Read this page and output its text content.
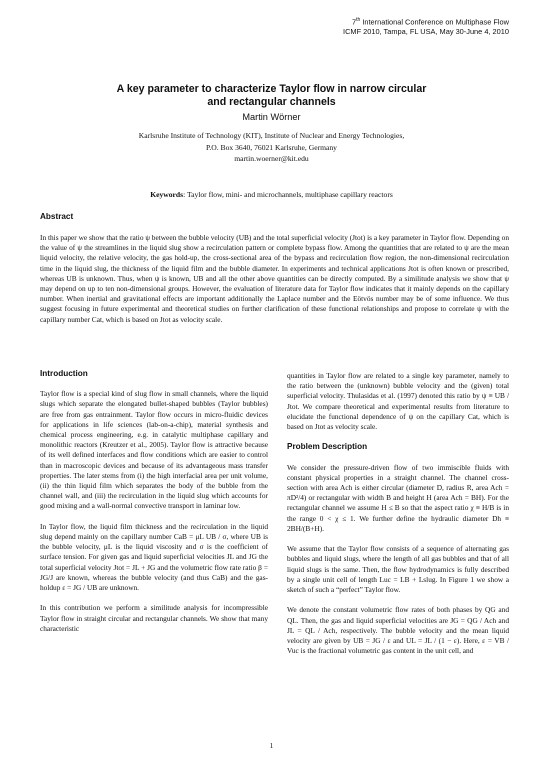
7th International Conference on Multiphase Flow

ICMF 2010, Tampa, FL USA, May 30-June 4, 2010

A key parameter to characterize Taylor flow in narrow circular

and rectangular channels

Martin Wörner

Karlsruhe Institute of Technology (KIT), Institute of Nuclear and Energy Technologies,

P.O. Box 3640, 76021 Karlsruhe, Germany

martin.woerner@kit.edu

Keywords: Taylor flow, mini- and microchannels, multiphase capillary reactors
Abstract

In this paper we show that the ratio ψ between the bubble velocity (UB) and the total superficial velocity (Jtot) is a key parameter in Taylor flow. Depending on the value of ψ the streamlines in the liquid slug show a recirculation pattern or complete bypass flow. Among the quantities that are related to ψ are the mean liquid velocity, the relative velocity, the gas hold-up, the cross-sectional area of the bypass and recirculation flow region, the non-dimensional recirculation time in the liquid slug, the thickness of the liquid film and the bubble diameter. In experiments and technical applications Jtot is often known or prescribed, whereas UB is unknown. Thus, when ψ is known, UB and all the other above quantities can be directly computed. By a similitude analysis we show that ψ may depend on up to ten non-dimensional groups. However, the evaluation of literature data for Taylor flow indicates that it mainly depends on the capillary number. When inertial and gravitational effects are important additionally the Laplace number and the Eötvös number may be of some influence. We thus suggest focusing in future experimental and theoretical studies on further clarification of these functional relationships and propose to correlate ψ with the capillary number Cat, which is based on Jtot as velocity scale.

Introduction

Taylor flow is a special kind of slug flow in small channels, where the liquid slugs which separate the elongated bullet-shaped bubbles (Taylor bubbles) are free from gas entrainment. Taylor flow occurs in micro-fluidic devices for applications in life sciences (lab-on-a-chip), material synthesis and chemical process engineering, e.g. in catalytic multiphase capillary and monolithic reactors (Kreutzer et al., 2005). Taylor flow is attractive because of its well defined interfaces and flow conditions which are easier to control than in macroscopic devices and because of its advantageous mass transfer properties. The later stems from (i) the high interfacial area per unit volume, (ii) the thin liquid film which separates the body of the bubble from the channel wall, and (iii) the recirculation in the liquid slug which accounts for good mixing and a wall-normal convective transport in laminar low.

In Taylor flow, the liquid film thickness and the recirculation in the liquid slug depend mainly on the capillary number CaB = μL UB / σ, where UB is the bubble velocity, μL is the liquid viscosity and σ is the coefficient of surface tension. For given gas and liquid superficial velocities JL and JG the total superficial velocity Jtot = JL + JG and the volumetric flow rate ratio β = JG/J are known, whereas the bubble velocity (and thus CaB) and the gas-holdup ε = JG / UB are unknown.

In this contribution we perform a similitude analysis for incompressible Taylor flow in straight circular and rectangular channels. We show that many characteristic

quantities in Taylor flow are related to a single key parameter, namely to the ratio between the (unknown) bubble velocity and the (given) total superficial velocity. Thulasidas et al. (1997) denoted this ratio by ψ ≡ UB / Jtot. We compare theoretical and experimental results from literature to elucidate the functional dependence of ψ on the capillary Cat, which is based on Jtot as velocity scale.

Problem Description

We consider the pressure-driven flow of two immiscible fluids with constant physical properties in a straight channel. The channel cross-section with area Ach is either circular (diameter D, radius R, area Ach = πD²/4) or rectangular with width B and height H (area Ach = BH). For the rectangular channel we assume H ≤ B so that the aspect ratio χ ≡ H/B is in the range 0 < χ ≤ 1. We further define the hydraulic diameter Dh ≡ 2BH/(B+H).

We assume that the Taylor flow consists of a sequence of alternating gas bubbles and liquid slugs, where the length of all gas bubbles and that of all liquid slugs is the same. Then, the flow hydrodynamics is fully described by a single unit cell of length Luc = LB + Lslug. In Figure 1 we show a sketch of such a “perfect” Taylor flow.

We denote the constant volumetric flow rates of both phases by QG and QL. Then, the gas and liquid superficial velocities are JG = QG / Ach and JL = QL / Ach, respectively. The bubble velocity and the mean liquid velocity are given by UB = JG / ε and UL = JL / (1 − ε). Here, ε = VB / Vuc is the fractional volumetric gas content in the unit cell, and

1
